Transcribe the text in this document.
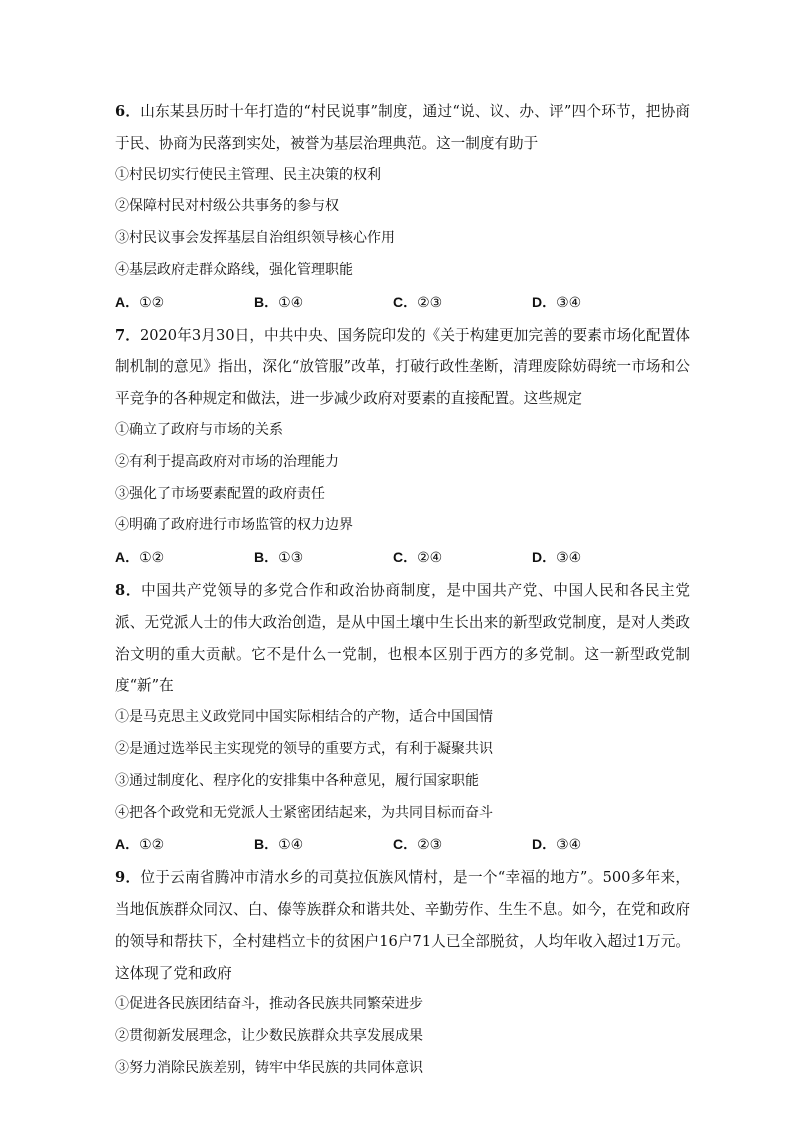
6．山东某县历时十年打造的“村民说事”制度，通过“说、议、办、评”四个环节，把协商于民、协商为民落到实处，被誉为基层治理典范。这一制度有助于

①村民切实行使民主管理、民主决策的权利

②保障村民对村级公共事务的参与权

③村民议事会发挥基层自治组织领导核心作用

④基层政府走群众路线，强化管理职能

A．①②	B．①④	C．②③	D．③④

7．2020年3月30日，中共中央、国务院印发的《关于构建更加完善的要素市场化配置体制机制的意见》指出，深化“放管服”改革，打破行政性垄断，清理废除妨碍统一市场和公平竞争的各种规定和做法，进一步减少政府对要素的直接配置。这些规定

①确立了政府与市场的关系

②有利于提高政府对市场的治理能力

③强化了市场要素配置的政府责任

④明确了政府进行市场监管的权力边界

A．①②	B．①③	C．②④	D．③④

8．中国共产党领导的多党合作和政治协商制度，是中国共产党、中国人民和各民主党派、无党派人士的伟大政治创造，是从中国土壤中生长出来的新型政党制度，是对人类政治文明的重大贡献。它不是什么一党制，也根本区别于西方的多党制。这一新型政党制度“新”在

①是马克思主义政党同中国实际相结合的产物，适合中国国情

②是通过选举民主实现党的领导的重要方式，有利于凝聚共识

③通过制度化、程序化的安排集中各种意见，履行国家职能

④把各个政党和无党派人士紧密团结起来，为共同目标而奋斗

A．①②	B．①④	C．②③	D．③④

9．位于云南省腾冲市清水乡的司莫拉佤族风情村，是一个“幸福的地方”。500多年来，当地佤族群众同汉、白、傣等族群众和谐共处、辛勤劳作、生生不息。如今，在党和政府的领导和帮扶下，全村建档立卡的贫困户16户71人已全部脱贫，人均年收入超过1万元。这体现了党和政府

①促进各民族团结奋斗，推动各民族共同繁荣进步

②贯彻新发展理念，让少数民族群众共享发展成果

③努力消除民族差别，铸牢中华民族的共同体意识
